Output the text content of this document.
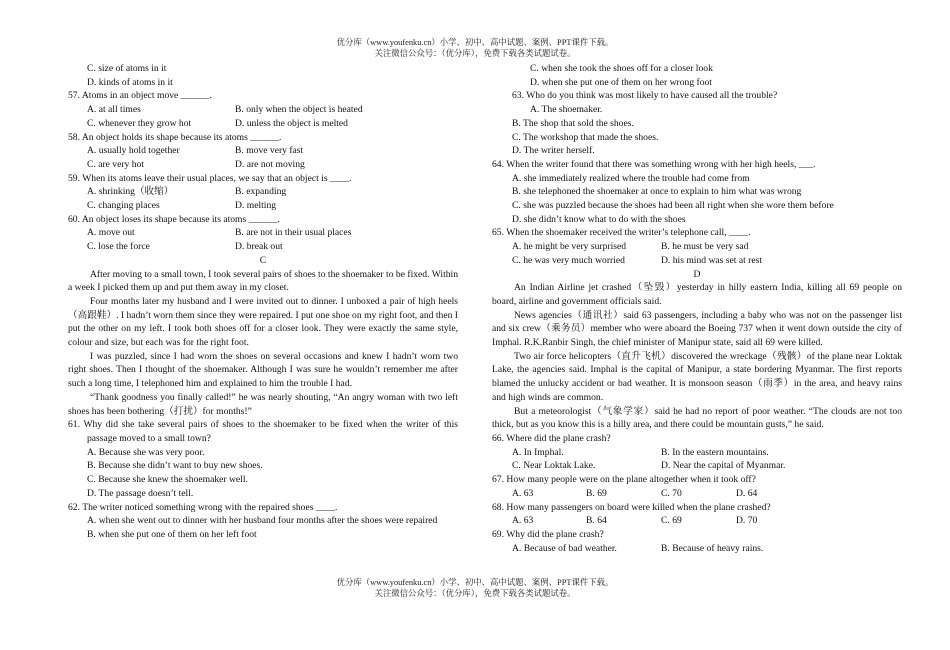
优分库（www.youfenku.cn）小学、初中、高中试题、案例、PPT课件下载。
关注微信公众号：（优分库），免费下载各类试题试卷。
C. size of atoms in it
D. kinds of atoms in it
57. Atoms in an object move ______.
A. at all times	B. only when the object is heated
C. whenever they grow hot	D. unless the object is melted
58. An object holds its shape because its atoms ______.
A. usually hold together	B. move very fast
C. are very hot	D. are not moving
59. When its atoms leave their usual places, we say that an object is ____.
A. shrinking（收缩）	B. expanding
C. changing places	D. melting
60. An object loses its shape because its atoms ______.
A. move out	B. are not in their usual places
C. lose the force	D. break out
C
After moving to a small town, I took several pairs of shoes to the shoemaker to be fixed. Within a week I picked them up and put them away in my closet.
Four months later my husband and I were invited out to dinner. I unboxed a pair of high heels（高跟鞋）. I hadn’t worn them since they were repaired. I put one shoe on my right foot, and then I put the other on my left. I took both shoes off for a closer look. They were exactly the same style, colour and size, but each was for the right foot.
I was puzzled, since I had worn the shoes on several occasions and knew I hadn’t worn two right shoes. Then I thought of the shoemaker. Although I was sure he wouldn’t remember me after such a long time, I telephoned him and explained to him the trouble I had.
“Thank goodness you finally called!” he was nearly shouting, “An angry woman with two left shoes has been bothering（打扰）for months!”
61. Why did she take several pairs of shoes to the shoemaker to be fixed when the writer of this passage moved to a small town?
A. Because she was very poor.
B. Because she didn’t want to buy new shoes.
C. Because she knew the shoemaker well.
D. The passage doesn’t tell.
62. The writer noticed something wrong with the repaired shoes ____.
A. when she went out to dinner with her husband four months after the shoes were repaired
B. when she put one of them on her left foot
C. when she took the shoes off for a closer look
D. when she put one of them on her wrong foot
63. Who do you think was most likely to have caused all the trouble?
A. The shoemaker.
B. The shop that sold the shoes.
C. The workshop that made the shoes.
D. The writer herself.
64. When the writer found that there was something wrong with her high heels, ___.
A. she immediately realized where the trouble had come from
B. she telephoned the shoemaker at once to explain to him what was wrong
C. she was puzzled because the shoes had been all right when she wore them before
D. she didn’t know what to do with the shoes
65. When the shoemaker received the writer’s telephone call, ____.
A. he might be very surprised	B. he must be very sad
C. he was very much worried	D. his mind was set at rest
D
An Indian Airline jet crashed（坠毁）yesterday in hilly eastern India, killing all 69 people on board, airline and government officials said.
News agencies（通讯社）said 63 passengers, including a baby who was not on the passenger list and six crew（乘务员）member who were aboard the Boeing 737 when it went down outside the city of Imphal. R.K.Ranbir Singh, the chief minister of Manipur state, said all 69 were killed.
Two air force helicopters（直升飞机）discovered the wreckage（残骸）of the plane near Loktak Lake, the agencies said. Imphal is the capital of Manipur, a state bordering Myanmar. The first reports blamed the unlucky accident or bad weather. It is monsoon season（雨季）in the area, and heavy rains and high winds are common.
But a meteorologist（气象学家）said he had no report of poor weather. “The clouds are not too thick, but as you know this is a hilly area, and there could be mountain gusts,” he said.
66. Where did the plane crash?
A. In Imphal.	B. In the eastern mountains.
C. Near Loktak Lake.	D. Near the capital of Myanmar.
67. How many people were on the plane altogether when it took off?
A. 63	B. 69	C. 70	D. 64
68. How many passengers on board were killed when the plane crashed?
A. 63	B. 64	C. 69	D. 70
69. Why did the plane crash?
A. Because of bad weather.	B. Because of heavy rains.
优分库（www.youfenku.cn）小学、初中、高中试题、案例、PPT课件下载。
关注微信公众号：（优分库），免费下载各类试题试卷。
